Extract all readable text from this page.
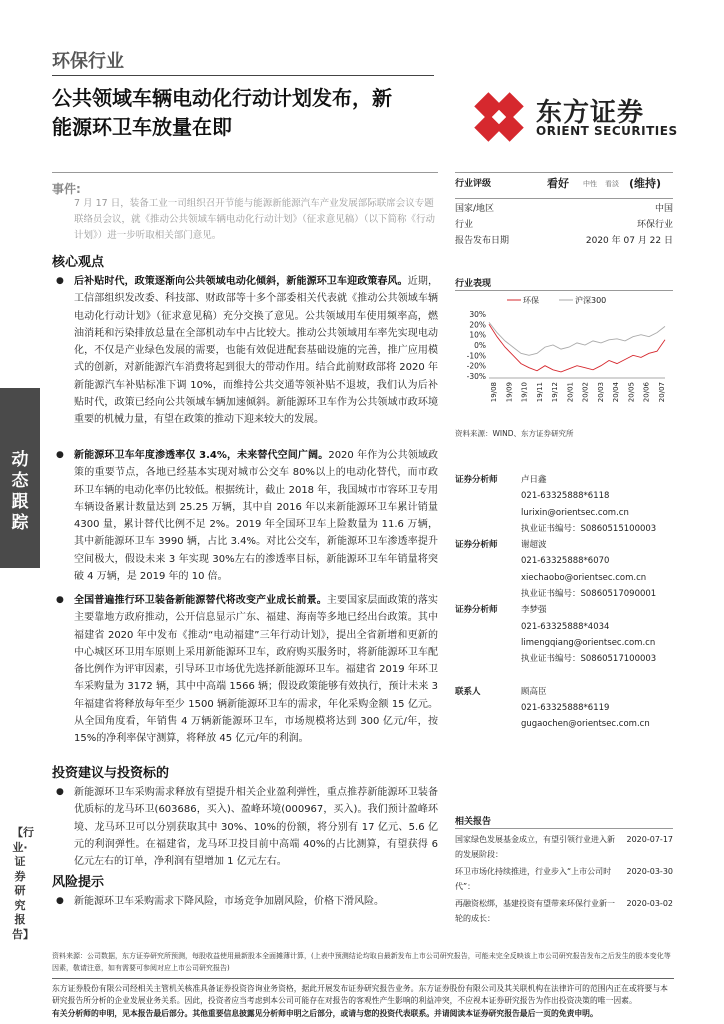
环保行业
公共领域车辆电动化行动计划发布，新
能源环卫车放量在即	东方证券
ORIENT SECURITIES
事件:
7 月 17 日，装备工业一司组织召开节能与能源新能源汽车产业发展部际联席会议专题联络员会议，就《推动公共领域车辆电动化行动计划》（征求意见稿）（以下简称《行动计划》）进一步听取相关部门意见。
核心观点
● 后补贴时代，政策逐渐向公共领域电动化倾斜，新能源环卫车迎政策春风。近期，工信部组织发改委、科技部、财政部等十多个部委相关代表就《推动公共领域车辆电动化行动计划》（征求意见稿）充分交换了意见。公共领域用车使用频率高，燃油消耗和污染排放总量在全部机动车中占比较大。推动公共领域用车率先实现电动化，不仅是产业绿色发展的需要，也能有效促进配套基础设施的完善，推广应用模式的创新，对新能源汽车消费将起到很大的带动作用。结合此前财政部将 2020 年新能源汽车补贴标准下调 10%，而维持公共交通等领补贴不退坡，我们认为后补贴时代，政策已经向公共领域车辆加速倾斜。新能源环卫车作为公共领域市政环境重要的机械力量，有望在政策的推动下迎来较大的发展。
● 新能源环卫车年度渗透率仅 3.4%，未来替代空间广阔。2020 年作为公共领域政策的重要节点，各地已经基本实现对城市公交车 80%以上的电动化替代，而市政环卫车辆的电动化率仍比较低。根据统计，截止 2018 年，我国城市市容环卫专用车辆设备累计数量达到 25.25 万辆，其中自 2016 年以来新能源环卫车累计销量 4300 量，累计替代比例不足 2%。2019 年全国环卫车上险数量为 11.6 万辆，其中新能源环卫车 3990 辆，占比 3.4%。对比公交车，新能源环卫车渗透率提升空间极大，假设未来 3 年实现 30%左右的渗透率目标，新能源环卫车年销量将突破 4 万辆，是 2019 年的 10 倍。
● 全国普遍推行环卫装备新能源替代将改变产业成长前景。主要国家层面政策的落实主要靠地方政府推动，公开信息显示广东、福建、海南等多地已经出台政策。其中福建省 2020 年中发布《推动“电动福建”三年行动计划》，提出全省新增和更新的中心城区环卫用车原则上采用新能源环卫车，政府购买服务时，将新能源环卫车配备比例作为评审因素，引导环卫市场优先选择新能源环卫车。福建省 2019 年环卫车采购量为 3172 辆，其中中高端 1566 辆；假设政策能够有效执行，预计未来 3 年福建省将释放每年至少 1500 辆新能源环卫车的需求，年化采购金额 15 亿元。从全国角度看，年销售 4 万辆新能源环卫车，市场规模将达到 300 亿元/年，按 15%的净利率保守测算，将释放 45 亿元/年的利润。
投资建议与投资标的
● 新能源环卫车采购需求释放有望提升相关企业盈利弹性，重点推荐新能源环卫装备优质标的龙马环卫(603686，买入)、盈峰环境(000967，买入)。我们预计盈峰环境、龙马环卫可以分别获取其中 30%、10%的份额，将分别有 17 亿元、5.6 亿元的利润弹性。在福建省，龙马环卫投目前中高端 40%的占比测算，有望获得 6 亿元左右的订单，净利润有望增加 1 亿元左右。
风险提示
● 新能源环卫车采购需求下降风险，市场竞争加剧风险，价格下滑风险。
动态跟踪
【行业·证券研究报告】
行业评级	看好 中性 看淡 (维持)
国家/地区	中国
行业	环保行业
报告发布日期	2020 年 07 月 22 日
行业表现
环保	沪深300
30%
20%
10%
0%
-10%
-20%
-30%
19/08 19/09 19/10 19/11 19/12 20/01 20/02 20/03 20/04 20/05 20/06 20/07
资料来源：WIND、东方证券研究所
证券分析师	卢日鑫
021-63325888*6118
lurixin@orientsec.com.cn
执业证书编号：S0860515100003
证券分析师	谢超波
021-63325888*6070
xiechaobo@orientsec.com.cn
执业证书编号：S0860517090001
证券分析师	李梦强
021-63325888*4034
limengqiang@orientsec.com.cn
执业证书编号：S0860517100003
联系人	顾高臣
021-63325888*6119
gugaochen@orientsec.com.cn
相关报告
国家绿色发展基金成立，有望引领行业进入新的发展阶段：
2020-07-17
环卫市场化持续推进，行业步入“上市公司时代”：
2020-03-30
再融资松绑，基建投资有望带来环保行业新一轮的成长：
2020-03-02
资料来源：公司数据，东方证券研究所预测，每股收益使用最新股本全面摊薄计算，(上表中预测结论均取自最新发布上市公司研究报告，可能未完全反映该上市公司研究报告发布之后发生的股本变化等因素，敬请注意，如有需要可参阅对应上市公司研究报告)
东方证券股份有限公司经相关主管机关核准具备证券投资咨询业务资格，据此开展发布证券研究报告业务。东方证券股份有限公司及其关联机构在法律许可的范围内正在或将要与本研究报告所分析的企业发展业务关系。因此，投资者应当考虑到本公司可能存在对报告的客观性产生影响的利益冲突，不应视本证券研究报告为作出投资决策的唯一因素。
有关分析师的申明，见本报告最后部分。其他重要信息披露见分析师申明之后部分，或请与您的投资代表联系。并请阅读本证券研究报告最后一页的免责申明。
